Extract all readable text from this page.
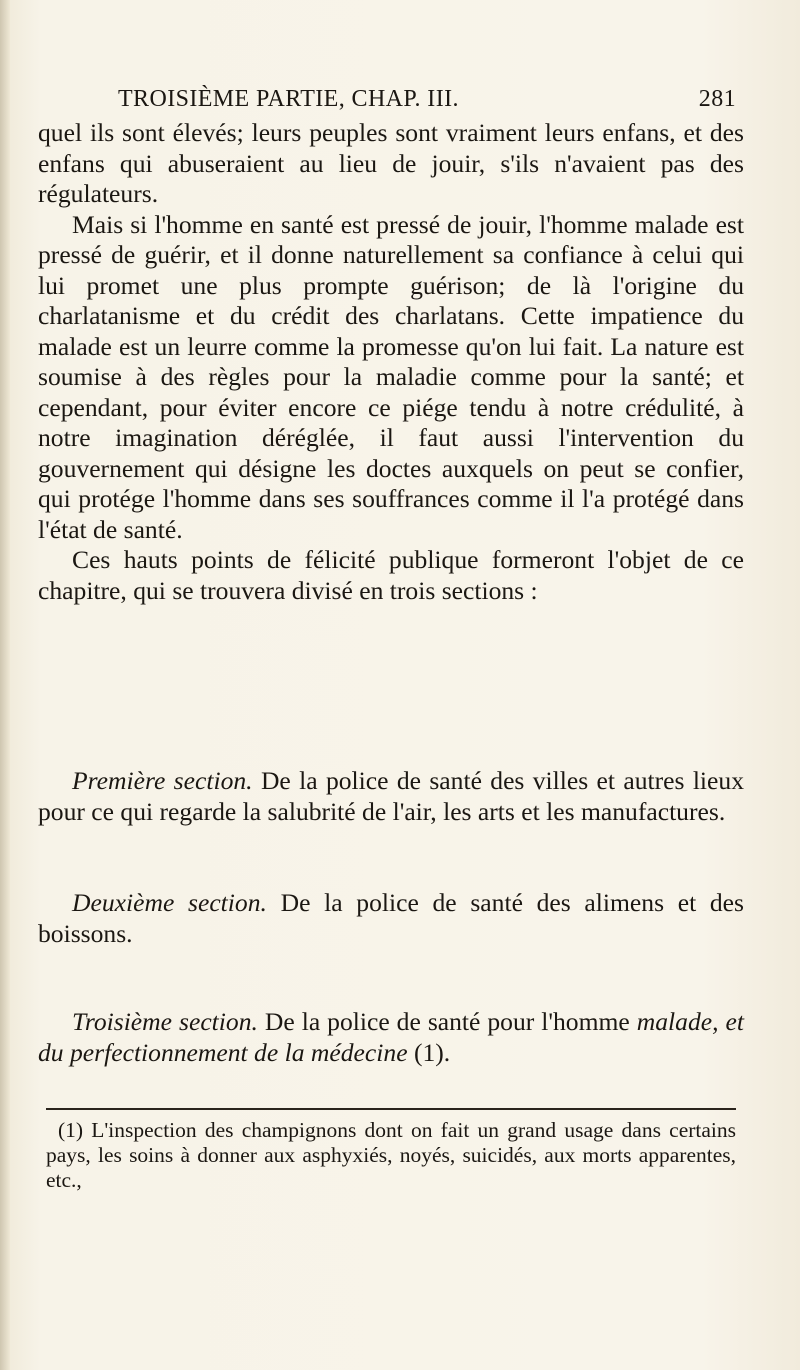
TROISIÈME PARTIE, CHAP. III.	281

quel ils sont élevés; leurs peuples sont vraiment leurs enfans, et des enfans qui abuseraient au lieu de jouir, s'ils n'avaient pas des régulateurs.

Mais si l'homme en santé est pressé de jouir, l'homme malade est pressé de guérir, et il donne naturellement sa confiance à celui qui lui promet une plus prompte guérison; de là l'origine du charlatanisme et du crédit des charlatans. Cette impatience du malade est un leurre comme la promesse qu'on lui fait. La nature est soumise à des règles pour la maladie comme pour la santé; et cependant, pour éviter encore ce piége tendu à notre crédulité, à notre imagination déréglée, il faut aussi l'intervention du gouvernement qui désigne les doctes auxquels on peut se confier, qui protége l'homme dans ses souffrances comme il l'a protégé dans l'état de santé.

Ces hauts points de félicité publique formeront l'objet de ce chapitre, qui se trouvera divisé en trois sections :

Première section. De la police de santé des villes et autres lieux pour ce qui regarde la salubrité de l'air, les arts et les manufactures.

Deuxième section. De la police de santé des alimens et des boissons.

Troisième section. De la police de santé pour l'homme malade, et du perfectionnement de la médecine (1).

(1) L'inspection des champignons dont on fait un grand usage dans certains pays, les soins à donner aux asphyxiés, noyés, suicidés, aux morts apparentes, etc.,
